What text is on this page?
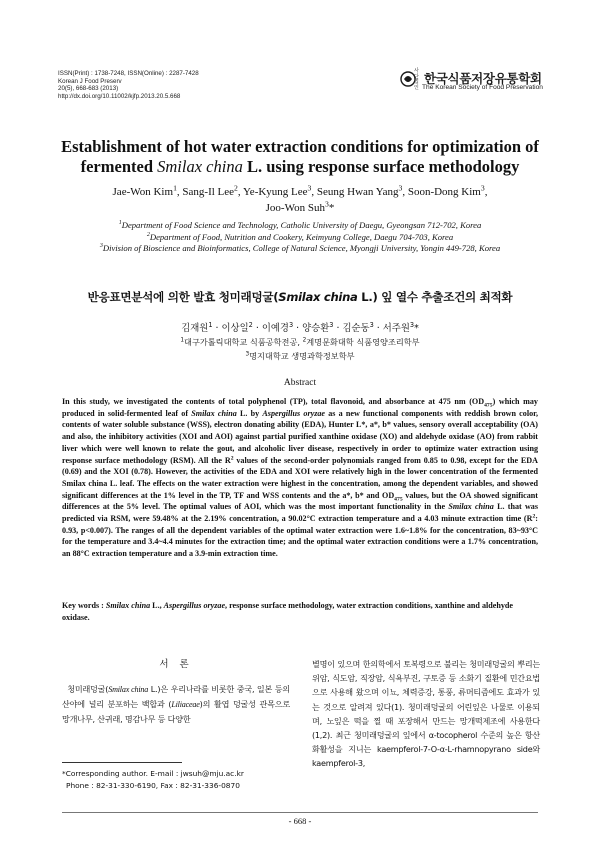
ISSN(Print) : 1738-7248, ISSN(Online) : 2287-7428
Korean J Food Preserv
20(5), 668-683 (2013)
http://dx.doi.org/10.11002/kjfp.2013.20.5.668
사단법인
한국식품저장유통학회
The Korean Society of Food Preservation
Establishment of hot water extraction conditions for optimization of
fermented Smilax china L. using response surface methodology
Jae-Won Kim$^1$, Sang-Il Lee$^2$, Ye-Kyung Lee$^3$, Seung Hwan Yang$^3$, Soon-Dong Kim$^3$,
Joo-Won Suh$^3$*
$^1$Department of Food Science and Technology, Catholic University of Daegu, Gyeongsan 712-702, Korea
$^2$Department of Food, Nutrition and Cookery, Keimyung College, Daegu 704-703, Korea
$^3$Division of Bioscience and Bioinformatics, College of Natural Science, Myongji University, Yongin 449-728, Korea
반응표면분석에 의한 발효 청미래덩굴(Smilax china L.) 잎 열수 추출조건의 최적화
김재원$^1$ · 이상일$^2$ · 이예경$^3$ · 양승환$^3$ · 김순동$^3$ · 서주원$^3$*
$^1$대구가톨릭대학교 식품공학전공, $^2$계명문화대학 식품영양조리학부
$^3$명지대학교 생명과학정보학부
Abstract
In this study, we investigated the contents of total polyphenol (TP), total flavonoid, and absorbance at 475 nm $(OD_{475})$ which may produced in solid-fermented leaf of Smilax china L. by Aspergillus oryzae as a new functional components with reddish brown color, contents of water soluble substance (WSS), electron donating ability (EDA), Hunter L*, a*, b* values, sensory overall acceptability (OA) and also, the inhibitory activities (XOI and AOI) against partial purified xanthine oxidase (XO) and aldehyde oxidase (AO) from rabbit liver which were well known to relate the gout, and alcoholic liver disease, respectively in order to optimize water extraction using response surface methodology (RSM). All the $R^2$ values of the second-order polynomials ranged from 0.85 to 0.98, except for the EDA (0.69) and the XOI (0.78). However, the activities of the EDA and XOI were relatively high in the lower concentration of the fermented Smilax china L. leaf. The effects on the water extraction were highest in the concentration, among the dependent variables, and showed significant differences at the 1% level in the TP, TF and WSS contents and the a*, b* and $OD_{475}$ values, but the OA showed significant differences at the 5% level. The optimal values of AOI, which was the most important functionality in the Smilax china L. that was predicted via RSM, were 59.48% at the 2.19% concentration, a 90.02°C extraction temperature and a 4.03 minute extraction time ($R^2$: 0.93, p<0.007). The ranges of all the dependent variables of the optimal water extraction were 1.6~1.8% for the concentration, 83~93°C for the temperature and 3.4~4.4 minutes for the extraction time; and the optimal water extraction conditions were a 1.7% concentration, an 88°C extraction temperature and a 3.9-min extraction time.
Key words : Smilax china L., Aspergillus oryzae, response surface methodology, water extraction conditions, xanthine and aldehyde oxidase.
서 론
청미래덩굴(Smilax china L.)은 우리나라를 비롯한 중국, 일본 등의 산야에 널리 분포하는 백합과 (Liliaceae)의 활엽 덩굴성 관목으로 망개나무, 산귀래, 명감나무 등 다양한
별명이 있으며 한의학에서 토복령으로 불리는 청미래덩굴의 뿌리는 위암, 식도암, 직장암, 식욕부진, 구토증 등 소화기 질환에 민간요법으로 사용해 왔으며 이뇨, 체력증강, 통풍, 류머티즘에도 효과가 있는 것으로 알려져 있다(1). 청미래덩굴의 어린잎은 나물로 이용되며, 노잎은 떡을 찔 때 포장해서 만드는 망개떡제조에 사용한다(1,2). 최근 청미래덩굴의 잎에서 α-tocopherol 수준의 높은 항산화활성을 지니는 kaempferol-7-O-α-L-rhamnopyrano side와 kaempferol-3,
*Corresponding author. E-mail : jwsuh@mju.ac.kr
Phone : 82-31-330-6190, Fax : 82-31-336-0870
- 668 -
